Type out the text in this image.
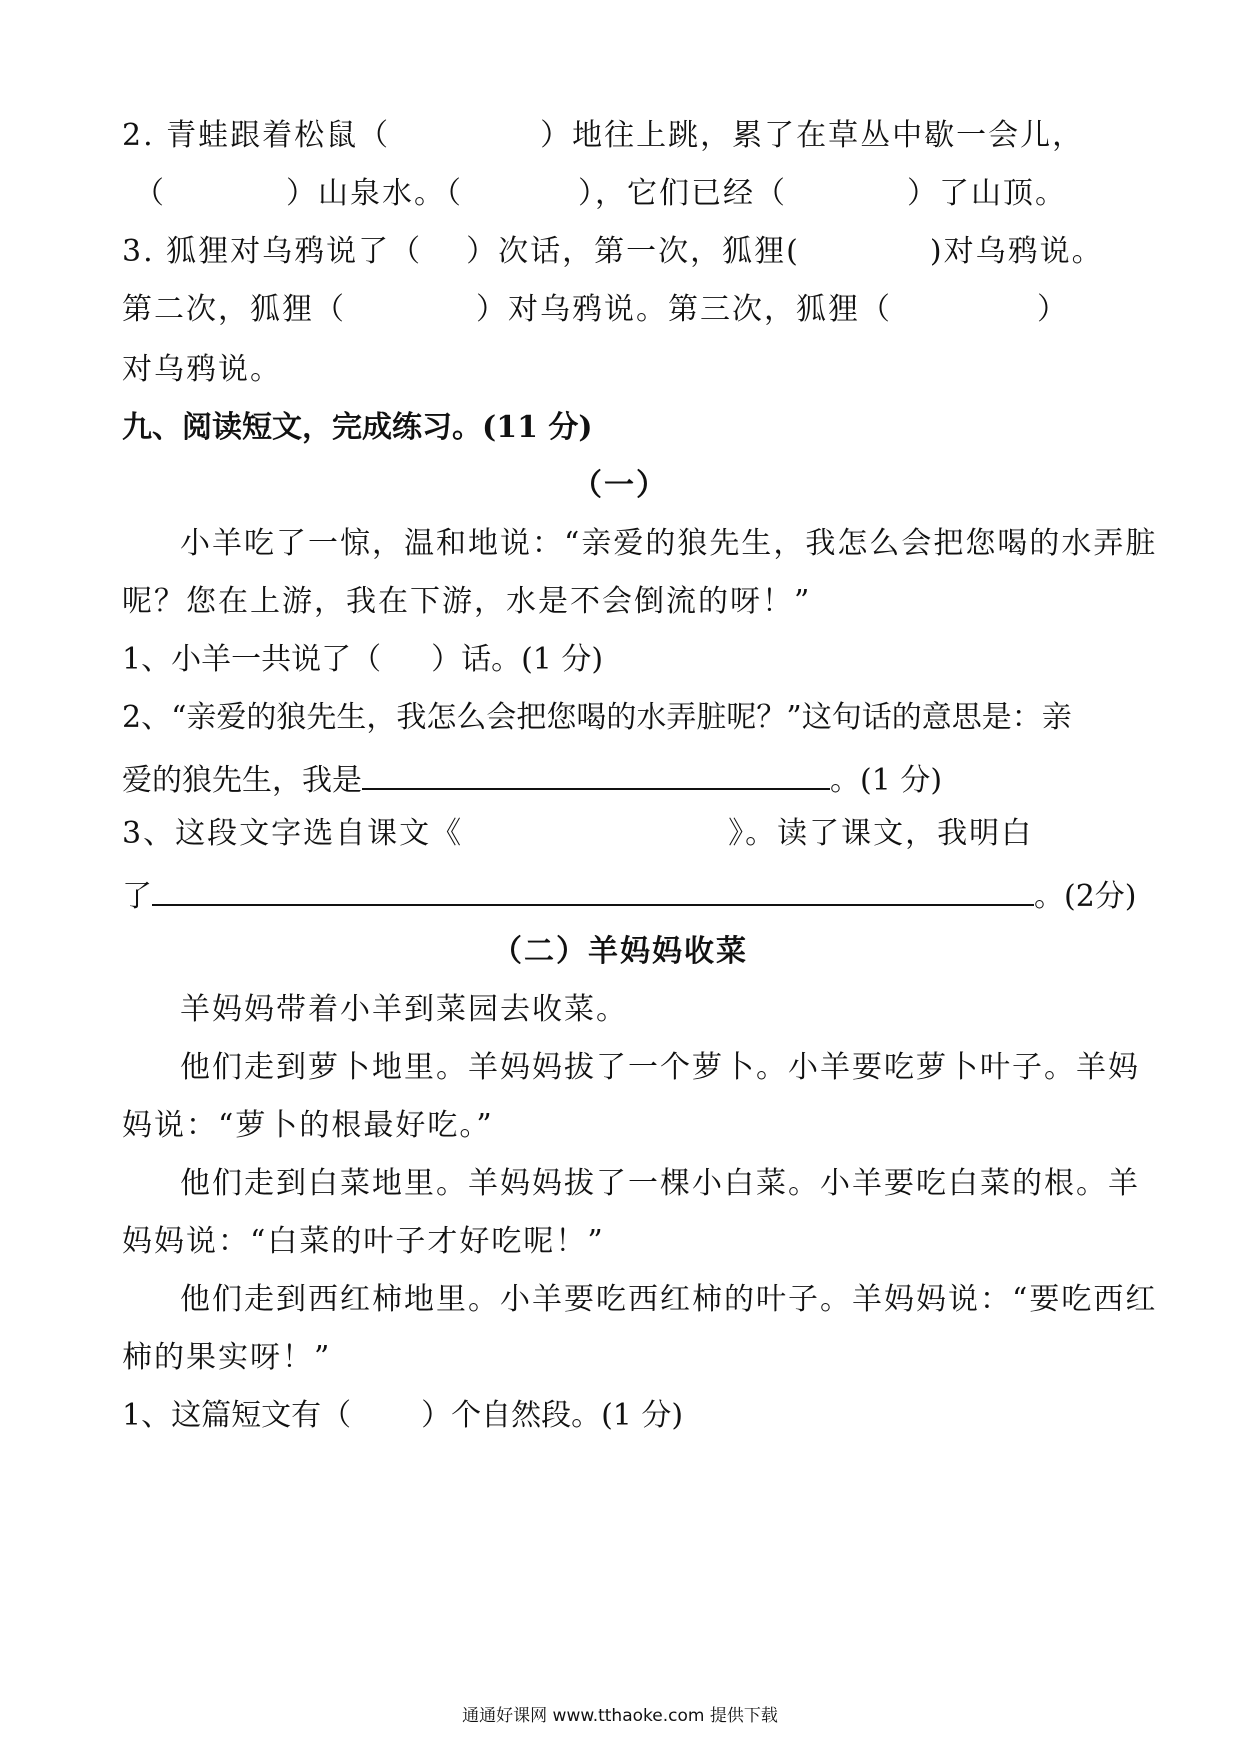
2. 青蛙跟着松鼠（	）地往上跳，累了在草丛中歇一会儿，
（	）山泉水。（	），它们已经（	）了山顶。
3. 狐狸对乌鸦说了（ ）次话，第一次，狐狸(	)对乌鸦说。
第二次，狐狸（	）对乌鸦说。第三次，狐狸（	）
对乌鸦说。
九、阅读短文，完成练习。(11 分)
（一）
小羊吃了一惊，温和地说：“亲爱的狼先生，我怎么会把您喝的水弄脏
呢？您在上游，我在下游，水是不会倒流的呀！”
1、小羊一共说了（ ）话。(1 分)
2、“亲爱的狼先生，我怎么会把您喝的水弄脏呢？”这句话的意思是：亲
爱的狼先生，我是	。(1 分)
3、这段文字选自课文《	》。读了课文，我明白
了	。(2分)
（二）羊妈妈收菜
羊妈妈带着小羊到菜园去收菜。
他们走到萝卜地里。羊妈妈拔了一个萝卜。小羊要吃萝卜叶子。羊妈
妈说：“萝卜的根最好吃。”
他们走到白菜地里。羊妈妈拔了一棵小白菜。小羊要吃白菜的根。羊
妈妈说：“白菜的叶子才好吃呢！”
他们走到西红柿地里。小羊要吃西红柿的叶子。羊妈妈说：“要吃西红
柿的果实呀！”
1、这篇短文有（ ）个自然段。(1 分)
通通好课网 www.tthaoke.com 提供下载
